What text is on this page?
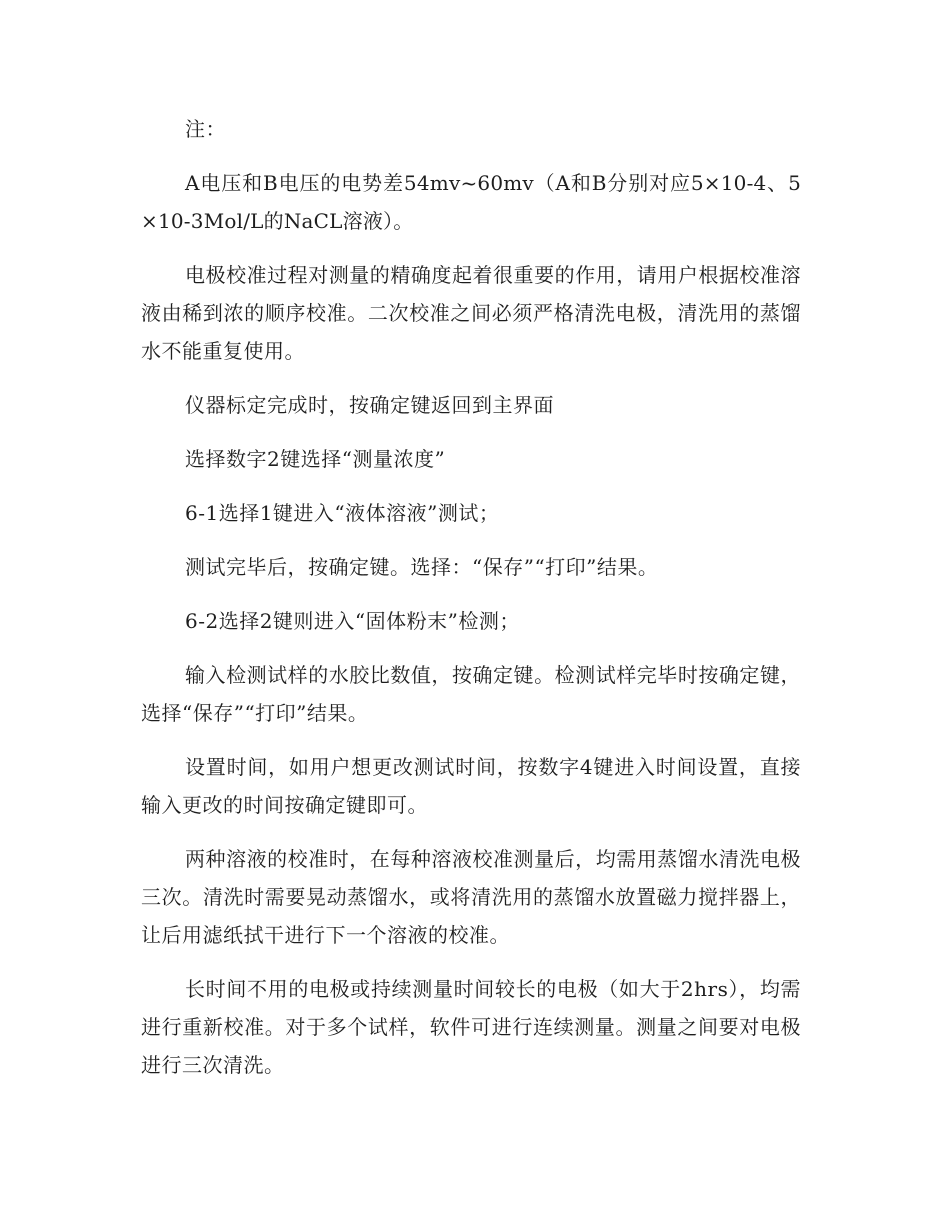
注：

A电压和B电压的电势差54mv~60mv（A和B分别对应5×10-4、5×10-3Mol/L的NaCL溶液）。

电极校准过程对测量的精确度起着很重要的作用，请用户根据校准溶液由稀到浓的顺序校准。二次校准之间必须严格清洗电极，清洗用的蒸馏水不能重复使用。

仪器标定完成时，按确定键返回到主界面

选择数字2键选择“测量浓度”

6-1选择1键进入“液体溶液”测试；

测试完毕后，按确定键。选择：“保存”“打印”结果。

6-2选择2键则进入“固体粉末”检测；

输入检测试样的水胶比数值，按确定键。检测试样完毕时按确定键，选择“保存”“打印”结果。

设置时间，如用户想更改测试时间，按数字4键进入时间设置，直接输入更改的时间按确定键即可。

两种溶液的校准时，在每种溶液校准测量后，均需用蒸馏水清洗电极三次。清洗时需要晃动蒸馏水，或将清洗用的蒸馏水放置磁力搅拌器上，让后用滤纸拭干进行下一个溶液的校准。

长时间不用的电极或持续测量时间较长的电极（如大于2hrs），均需进行重新校准。对于多个试样，软件可进行连续测量。测量之间要对电极进行三次清洗。
